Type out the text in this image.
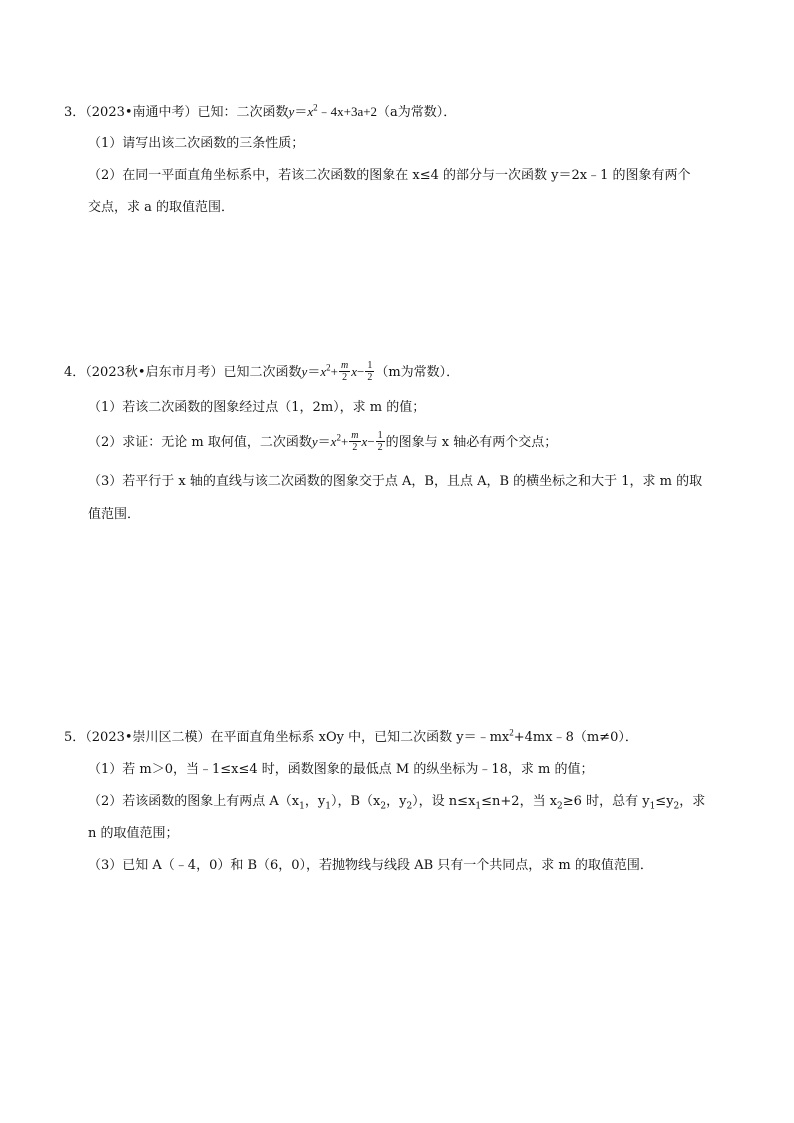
3．（2023•南通中考）已知：二次函数$y=x^2﹣4x+3a+2(a$为常数）．
（1）请写出该二次函数的三条性质；
（2）在同一平面直角坐标系中，若该二次函数的图象在 x≤4 的部分与一次函数 y＝2x﹣1 的图象有两个
交点，求 a 的取值范围．
4．（2023秋•启东市月考）已知二次函数$y=x^2+ \frac{m}{2} x- \frac{1}{2} (m$为常数）．
（1）若该二次函数的图象经过点（1，2m），求 m 的值；
（2）求证：无论 m 取何值，二次函数$y=x^2+ \frac{m}{2} x- \frac{1}{2}$ 的图象与 x 轴必有两个交点；
（3）若平行于 x 轴的直线与该二次函数的图象交于点 A，B，且点 A，B 的横坐标之和大于 1，求 m 的取
值范围．
5．（2023•崇川区二模）在平面直角坐标系 xOy 中，已知二次函数 $y=﹣mx^2+4mx﹣8(m\ne 0)$．
（1）若 m＞0，当﹣1≤x≤4 时，函数图象的最低点 M 的纵坐标为﹣18，求 m 的值；
（2）若该函数的图象上有两点 $A(x_1$，$y_1$），$B(x_2$，$y_2$），设 $n\le x_1\le n+2$，当 $x_2\ge 6$ 时，总有 $y_1\le y_2$，求
n 的取值范围；
（3）已知 A（﹣4，0）和 B（6，0），若抛物线与线段 AB 只有一个共同点，求 m 的取值范围．
